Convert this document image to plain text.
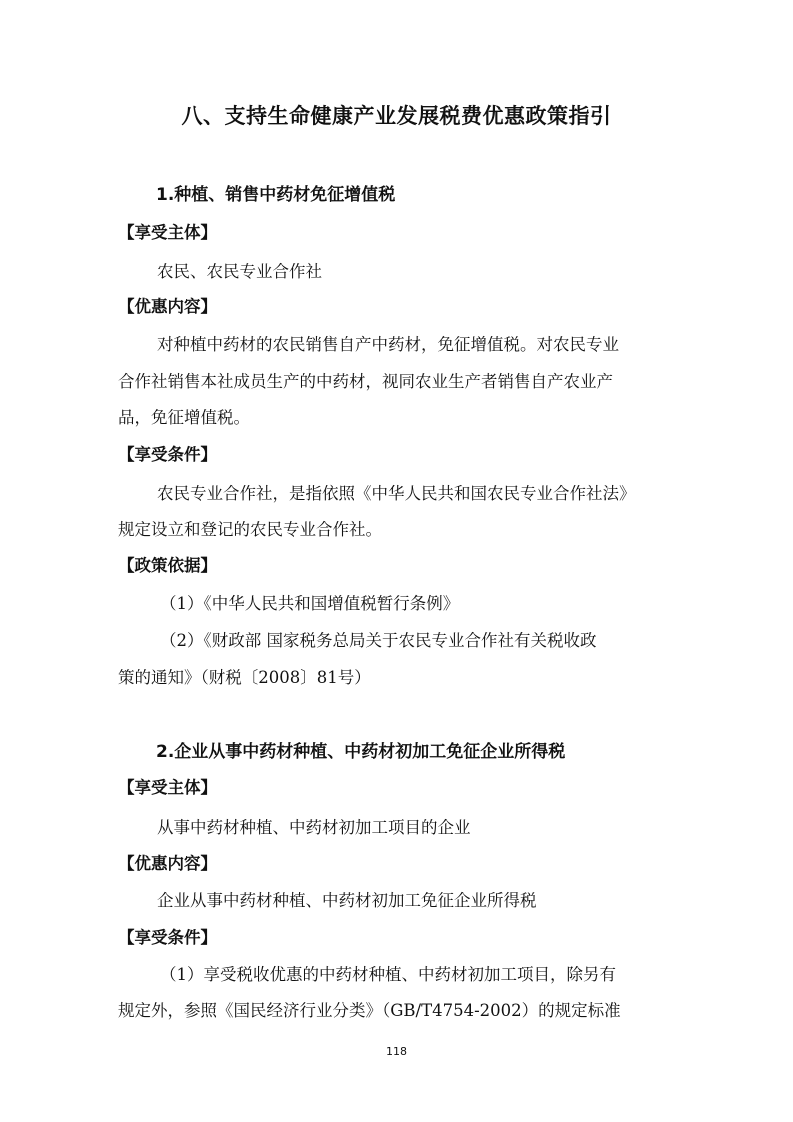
八、支持生命健康产业发展税费优惠政策指引
1.种植、销售中药材免征增值税
【享受主体】
农民、农民专业合作社
【优惠内容】
对种植中药材的农民销售自产中药材，免征增值税。对农民专业
合作社销售本社成员生产的中药材，视同农业生产者销售自产农业产
品，免征增值税。
【享受条件】
农民专业合作社，是指依照《中华人民共和国农民专业合作社法》
规定设立和登记的农民专业合作社。
【政策依据】
（1）《中华人民共和国增值税暂行条例》
（2）《财政部 国家税务总局关于农民专业合作社有关税收政
策的通知》（财税〔2008〕81号）
2.企业从事中药材种植、中药材初加工免征企业所得税
【享受主体】
从事中药材种植、中药材初加工项目的企业
【优惠内容】
企业从事中药材种植、中药材初加工免征企业所得税
【享受条件】
（1）享受税收优惠的中药材种植、中药材初加工项目，除另有
规定外，参照《国民经济行业分类》（GB/T4754-2002）的规定标准
118
